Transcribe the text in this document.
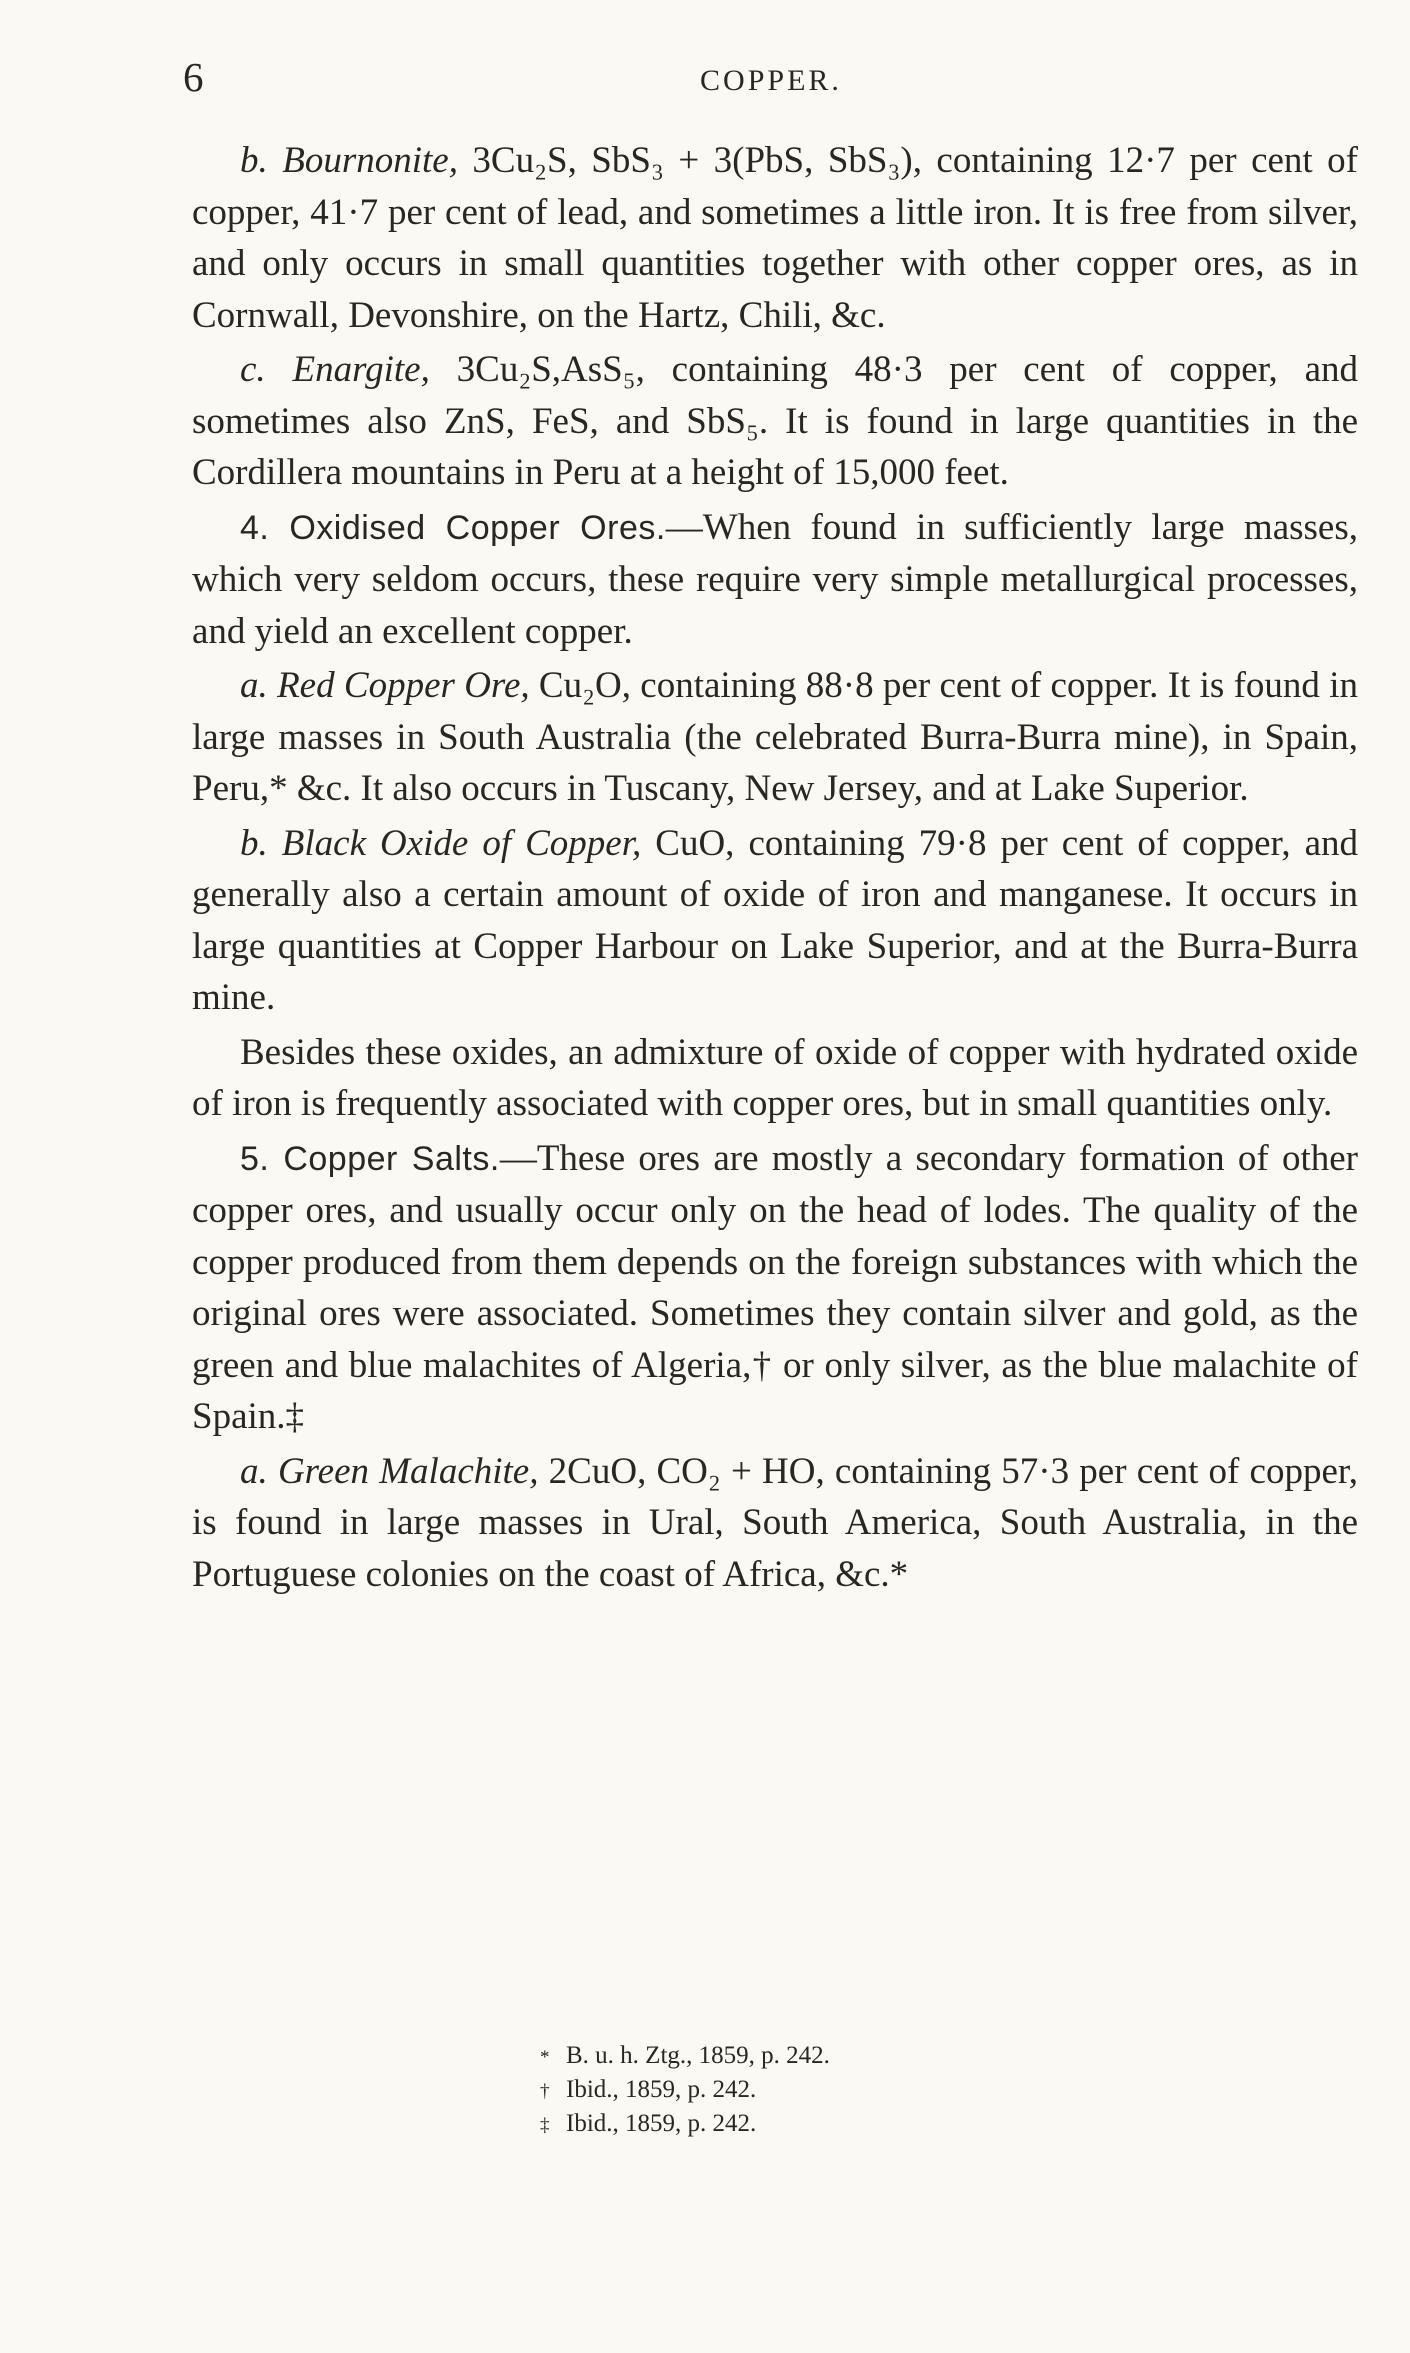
6	COPPER.

b. Bournonite, 3Cu₂S, SbS₃ + 3(PbS, SbS₃), containing 12·7 per cent of copper, 41·7 per cent of lead, and sometimes a little iron. It is free from silver, and only occurs in small quantities together with other copper ores, as in Cornwall, Devonshire, on the Hartz, Chili, &c.

c. Enargite, 3Cu₂S,AsS₅, containing 48·3 per cent of copper, and sometimes also ZnS, FeS, and SbS₅. It is found in large quantities in the Cordillera mountains in Peru at a height of 15,000 feet.

4. Oxidised Copper Ores.—When found in sufficiently large masses, which very seldom occurs, these require very simple metallurgical processes, and yield an excellent copper.

a. Red Copper Ore, Cu₂O, containing 88·8 per cent of copper. It is found in large masses in South Australia (the celebrated Burra-Burra mine), in Spain, Peru,* &c. It also occurs in Tuscany, New Jersey, and at Lake Superior.

b. Black Oxide of Copper, CuO, containing 79·8 per cent of copper, and generally also a certain amount of oxide of iron and manganese. It occurs in large quantities at Copper Harbour on Lake Superior, and at the Burra-Burra mine.

Besides these oxides, an admixture of oxide of copper with hydrated oxide of iron is frequently associated with copper ores, but in small quantities only.

5. Copper Salts.—These ores are mostly a secondary formation of other copper ores, and usually occur only on the head of lodes. The quality of the copper produced from them depends on the foreign substances with which the original ores were associated. Sometimes they contain silver and gold, as the green and blue malachites of Algeria,† or only silver, as the blue malachite of Spain.‡

a. Green Malachite, 2CuO, CO₂ + HO, containing 57·3 per cent of copper, is found in large masses in Ural, South America, South Australia, in the Portuguese colonies on the coast of Africa, &c.*

* B. u. h. Ztg., 1859, p. 242.

† Ibid., 1859, p. 242.

‡ Ibid., 1859, p. 242.
